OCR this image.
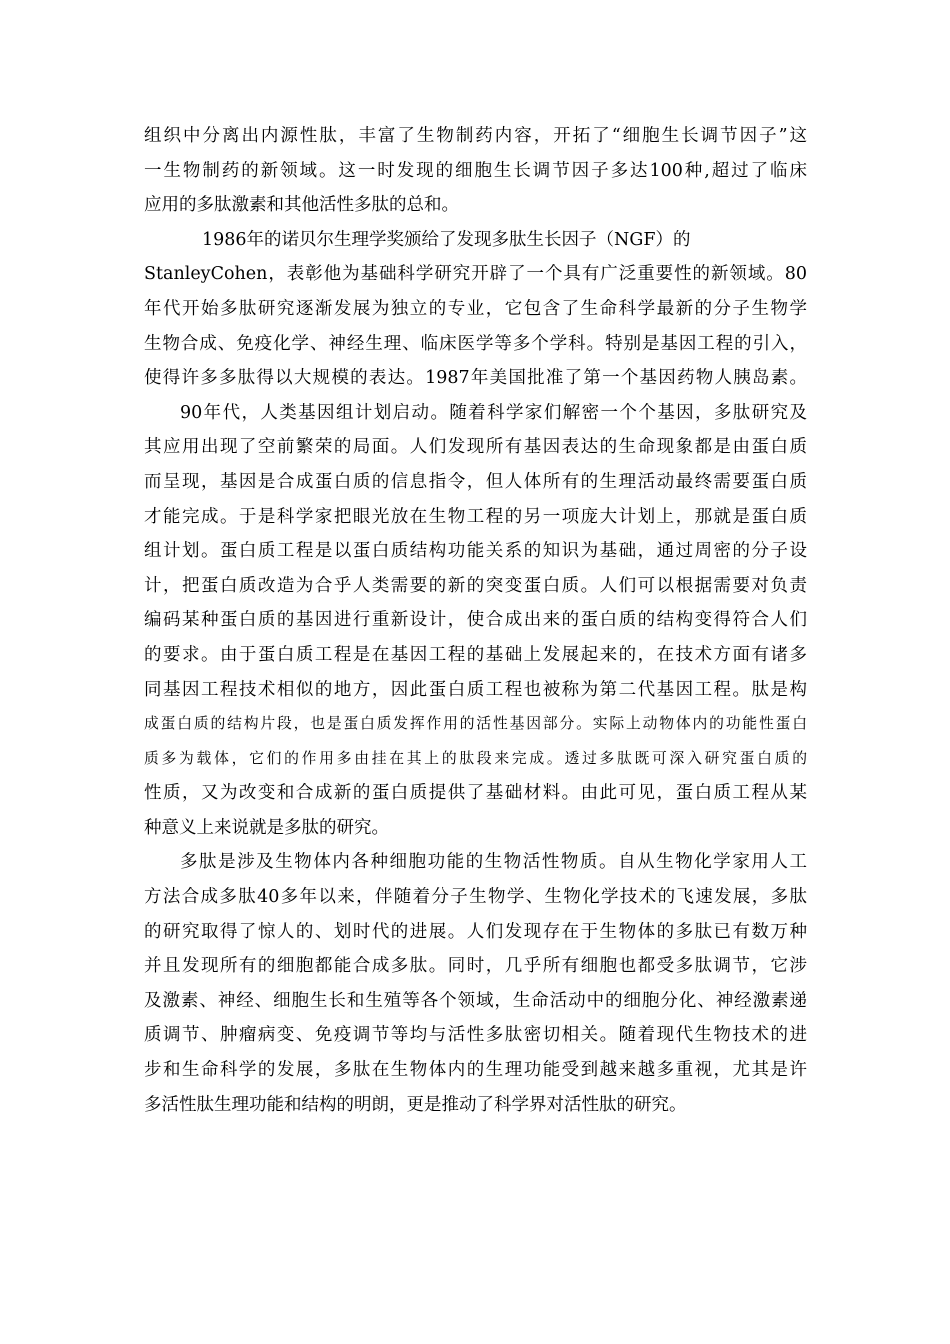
组织中分离出内源性肽，丰富了生物制药内容，开拓了“细胞生长调节因子”这
一生物制药的新领域。这一时发现的细胞生长调节因子多达100种,超过了临床
应用的多肽激素和其他活性多肽的总和。
1986年的诺贝尔生理学奖颁给了发现多肽生长因子（NGF）的
StanleyCohen，表彰他为基础科学研究开辟了一个具有广泛重要性的新领域。80
年代开始多肽研究逐渐发展为独立的专业，它包含了生命科学最新的分子生物学
生物合成、免疫化学、神经生理、临床医学等多个学科。特别是基因工程的引入，
使得许多多肽得以大规模的表达。1987年美国批准了第一个基因药物人胰岛素。
90年代，人类基因组计划启动。随着科学家们解密一个个基因，多肽研究及
其应用出现了空前繁荣的局面。人们发现所有基因表达的生命现象都是由蛋白质
而呈现，基因是合成蛋白质的信息指令，但人体所有的生理活动最终需要蛋白质
才能完成。于是科学家把眼光放在生物工程的另一项庞大计划上，那就是蛋白质
组计划。蛋白质工程是以蛋白质结构功能关系的知识为基础，通过周密的分子设
计，把蛋白质改造为合乎人类需要的新的突变蛋白质。人们可以根据需要对负责
编码某种蛋白质的基因进行重新设计，使合成出来的蛋白质的结构变得符合人们
的要求。由于蛋白质工程是在基因工程的基础上发展起来的，在技术方面有诸多
同基因工程技术相似的地方，因此蛋白质工程也被称为第二代基因工程。肽是构
成蛋白质的结构片段，也是蛋白质发挥作用的活性基因部分。实际上动物体内的功能性蛋白
质多为载体，它们的作用多由挂在其上的肽段来完成。透过多肽既可深入研究蛋白质的
性质，又为改变和合成新的蛋白质提供了基础材料。由此可见，蛋白质工程从某
种意义上来说就是多肽的研究。
多肽是涉及生物体内各种细胞功能的生物活性物质。自从生物化学家用人工
方法合成多肽40多年以来，伴随着分子生物学、生物化学技术的飞速发展，多肽
的研究取得了惊人的、划时代的进展。人们发现存在于生物体的多肽已有数万种
并且发现所有的细胞都能合成多肽。同时，几乎所有细胞也都受多肽调节，它涉
及激素、神经、细胞生长和生殖等各个领域，生命活动中的细胞分化、神经激素递
质调节、肿瘤病变、免疫调节等均与活性多肽密切相关。随着现代生物技术的进
步和生命科学的发展，多肽在生物体内的生理功能受到越来越多重视，尤其是许
多活性肽生理功能和结构的明朗，更是推动了科学界对活性肽的研究。
